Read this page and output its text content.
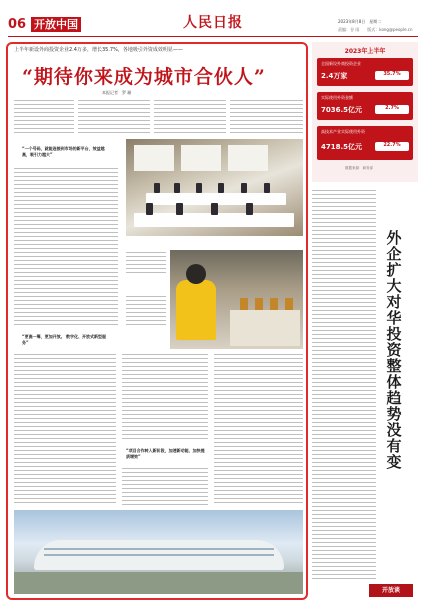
06 开放中国	人民日报	2023年8月8日　星期二
责编：谷 雨　　版式：kong@people.cn
上半年新设外商投资企业2.4万多，增长35.7%，各地吸引外资成效明显——
“期待你来成为城市合伙人”
本报记者　罗 珊
“一个号码，就能连接到市场的新平台，效益越高，吸引力越大”
“更高一筹，更加开放。 数字化、开放式新型服务”
“项目合作转入新阶段，加速新动能、加快提质增效”
2023年上半年
全国新设外商投资企业
2.4万家	35.7%
实际使用外资金额
7036.5亿元	2.7%
高技术产业实际使用外资
4718.5亿元	22.7%
数据来源：商务部
外企扩大对华投资整体趋势没有变
开放谈
